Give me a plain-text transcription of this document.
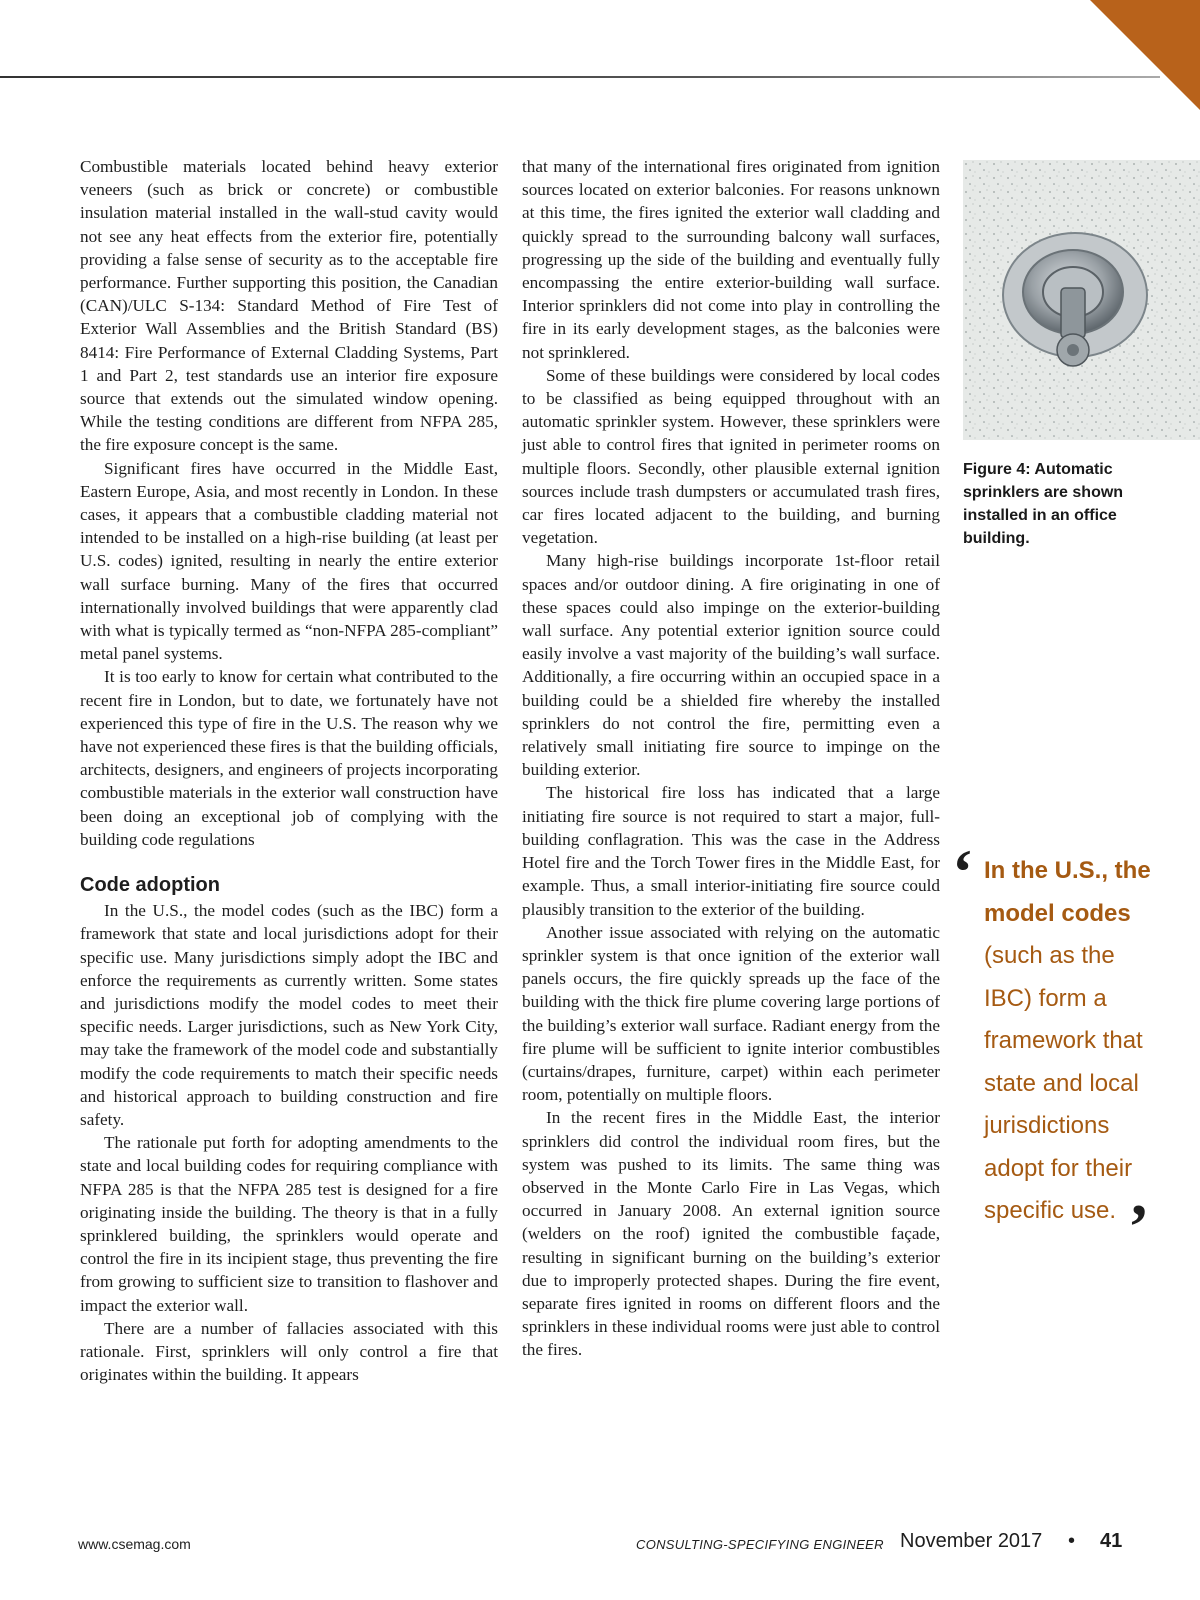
Combustible materials located behind heavy exterior veneers (such as brick or concrete) or combustible insulation material installed in the wall-stud cavity would not see any heat effects from the exterior fire, potentially providing a false sense of security as to the acceptable fire performance. Further supporting this position, the Canadian (CAN)/ULC S-134: Standard Method of Fire Test of Exterior Wall Assemblies and the British Standard (BS) 8414: Fire Performance of External Cladding Systems, Part 1 and Part 2, test standards use an interior fire exposure source that extends out the simulated window opening. While the testing conditions are different from NFPA 285, the fire exposure concept is the same.

Significant fires have occurred in the Middle East, Eastern Europe, Asia, and most recently in London. In these cases, it appears that a combustible cladding material not intended to be installed on a high-rise building (at least per U.S. codes) ignited, resulting in nearly the entire exterior wall surface burning. Many of the fires that occurred internationally involved buildings that were apparently clad with what is typically termed as “non-NFPA 285-compliant” metal panel systems.

It is too early to know for certain what contributed to the recent fire in London, but to date, we fortunately have not experienced this type of fire in the U.S. The reason why we have not experienced these fires is that the building officials, architects, designers, and engineers of projects incorporating combustible materials in the exterior wall construction have been doing an exceptional job of complying with the building code regulations

Code adoption

In the U.S., the model codes (such as the IBC) form a framework that state and local jurisdictions adopt for their specific use. Many jurisdictions simply adopt the IBC and enforce the requirements as currently written. Some states and jurisdictions modify the model codes to meet their specific needs. Larger jurisdictions, such as New York City, may take the framework of the model code and substantially modify the code requirements to match their specific needs and historical approach to building construction and fire safety.

The rationale put forth for adopting amendments to the state and local building codes for requiring compliance with NFPA 285 is that the NFPA 285 test is designed for a fire originating inside the building. The theory is that in a fully sprinklered building, the sprinklers would operate and control the fire in its incipient stage, thus preventing the fire from growing to sufficient size to transition to flashover and impact the exterior wall.

There are a number of fallacies associated with this rationale. First, sprinklers will only control a fire that originates within the building. It appears

that many of the international fires originated from ignition sources located on exterior balconies. For reasons unknown at this time, the fires ignited the exterior wall cladding and quickly spread to the surrounding balcony wall surfaces, progressing up the side of the building and eventually fully encompassing the entire exterior-building wall surface. Interior sprinklers did not come into play in controlling the fire in its early development stages, as the balconies were not sprinklered.

Some of these buildings were considered by local codes to be classified as being equipped throughout with an automatic sprinkler system. However, these sprinklers were just able to control fires that ignited in perimeter rooms on multiple floors. Secondly, other plausible external ignition sources include trash dumpsters or accumulated trash fires, car fires located adjacent to the building, and burning vegetation.

Many high-rise buildings incorporate 1st-floor retail spaces and/or outdoor dining. A fire originating in one of these spaces could also impinge on the exterior-building wall surface. Any potential exterior ignition source could easily involve a vast majority of the building’s wall surface. Additionally, a fire occurring within an occupied space in a building could be a shielded fire whereby the installed sprinklers do not control the fire, permitting even a relatively small initiating fire source to impinge on the building exterior.

The historical fire loss has indicated that a large initiating fire source is not required to start a major, full-building conflagration. This was the case in the Address Hotel fire and the Torch Tower fires in the Middle East, for example. Thus, a small interior-initiating fire source could plausibly transition to the exterior of the building.

Another issue associated with relying on the automatic sprinkler system is that once ignition of the exterior wall panels occurs, the fire quickly spreads up the face of the building with the thick fire plume covering large portions of the building’s exterior wall surface. Radiant energy from the fire plume will be sufficient to ignite interior combustibles (curtains/drapes, furniture, carpet) within each perimeter room, potentially on multiple floors.

In the recent fires in the Middle East, the interior sprinklers did control the individual room fires, but the system was pushed to its limits. The same thing was observed in the Monte Carlo Fire in Las Vegas, which occurred in January 2008. An external ignition source (welders on the roof) ignited the combustible façade, resulting in significant burning on the building’s exterior due to improperly protected shapes. During the fire event, separate fires ignited in rooms on different floors and the sprinklers in these individual rooms were just able to control the fires.

Figure 4: Automatic sprinklers are shown installed in an office building.
‘ In the U.S., the model codes (such as the IBC) form a framework that state and local jurisdictions adopt for their specific use. ’
www.csemag.com	CONSULTING-SPECIFYING ENGINEER November 2017 • 41
